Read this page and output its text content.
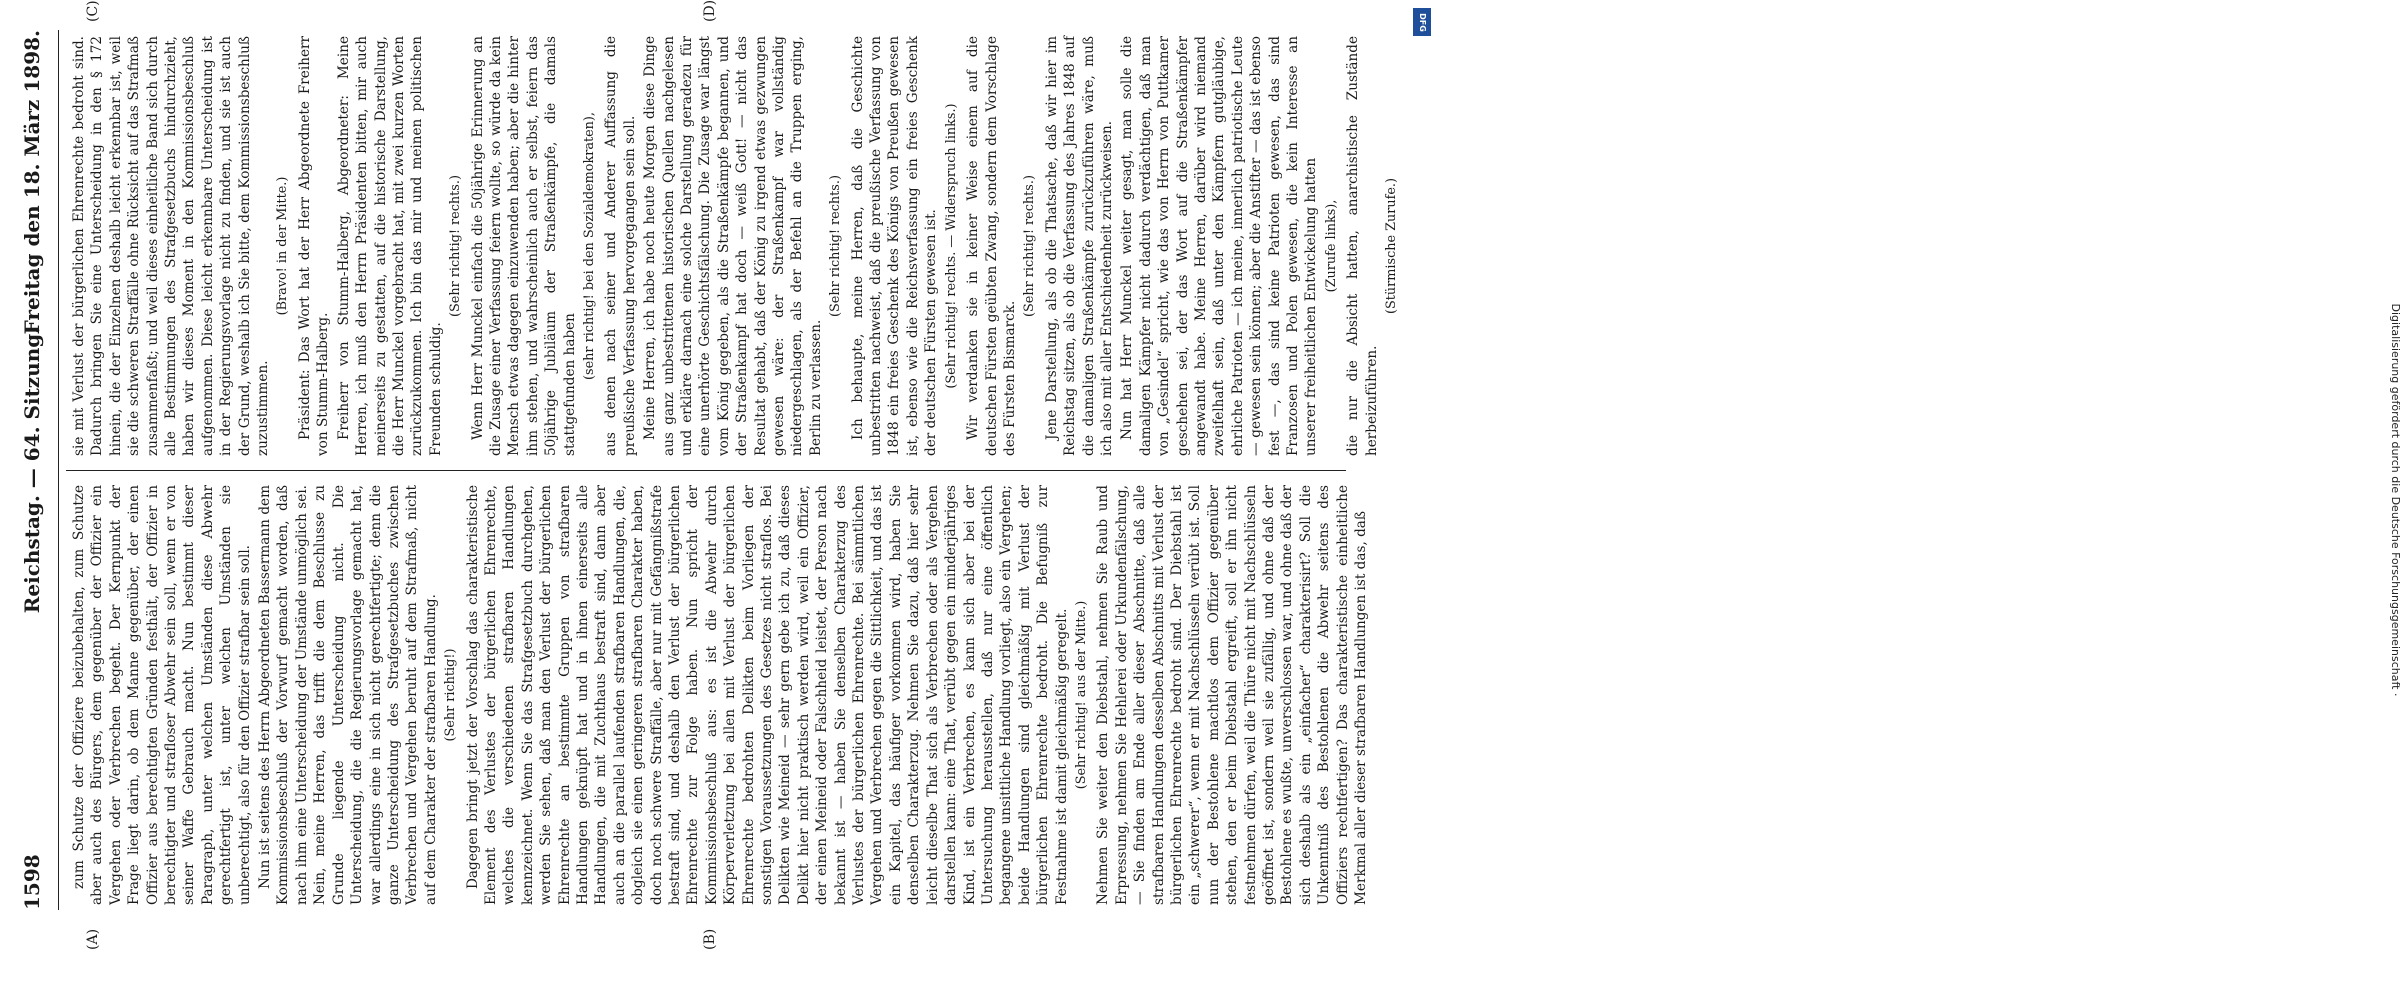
1598
Reichstag. — 64. Sitzung.
Freitag den 18. März 1898.
(A)	(B)
(C)	(D)

zum Schutze der Offiziere beizubehalten, zum Schutze aber auch des Bürgers, dem gegenüber der Offizier ein Vergehen oder Verbrechen begeht. Der Kernpunkt der Frage liegt darin, ob dem Manne gegenüber, der einen Offizier aus berechtigten Gründen festhält, der Offizier in berechtigter und strafloser Abwehr sein soll, wenn er von seiner Waffe Gebrauch macht. Nun bestimmt dieser Paragraph, unter welchen Umständen diese Abwehr gerechtfertigt ist, unter welchen Umständen sie unberechtigt, also für den Offizier strafbar sein soll. Nun ist seitens des Herrn Abgeordneten Bassermann dem Kommissionsbeschluß der Vorwurf gemacht worden, daß nach ihm eine Unterscheidung der Umstände unmöglich sei. Nein, meine Herren, das trifft die dem Beschlusse zu Grunde liegende Unterscheidung nicht. Die Unterscheidung, die die Regierungsvorlage gemacht hat, war allerdings eine in sich nicht gerechtfertigte; denn die ganze Unterscheidung des Strafgesetzbuches zwischen Verbrechen und Vergehen beruht auf dem Strafmaß, nicht auf dem Charakter der strafbaren Handlung. (Sehr richtig!) Dagegen bringt jetzt der Vorschlag das charakteristische Element des Verlustes der bürgerlichen Ehrenrechte, welches die verschiedenen strafbaren Handlungen kennzeichnet. Wenn Sie das Strafgesetzbuch durchgehen, werden Sie sehen, daß man den Verlust der bürgerlichen Ehrenrechte an bestimmte Gruppen von strafbaren Handlungen geknüpft hat und in ihnen einerseits alle Handlungen, die mit Zuchthaus bestraft sind, dann aber auch an die parallel laufenden strafbaren Handlungen, die, obgleich sie einen geringeren strafbaren Charakter haben, doch noch schwere Straffälle, aber nur mit Gefängnißstrafe bestraft sind, und deshalb den Verlust der bürgerlichen Ehrenrechte zur Folge haben. Nun spricht der Kommissionsbeschluß aus: es ist die Abwehr durch Körperverletzung bei allen mit Verlust der bürgerlichen Ehrenrechte bedrohten Delikten beim Vorliegen der sonstigen Voraussetzungen des Gesetzes nicht straflos. Bei Delikten wie Meineid — sehr gern gebe ich zu, daß dieses Delikt hier nicht praktisch werden wird, weil ein Offizier, der einen Meineid oder Falschheid leistet, der Person nach bekannt ist — haben Sie denselben Charakterzug des Verlustes der bürgerlichen Ehrenrechte. Bei sämmtlichen Vergehen und Verbrechen gegen die Sittlichkeit, und das ist ein Kapitel, das häufiger vorkommen wird, haben Sie denselben Charakterzug. Nehmen Sie dazu, daß hier sehr leicht dieselbe That sich als Verbrechen oder als Vergehen darstellen kann: eine That, verübt gegen ein minderjähriges Kind, ist ein Verbrechen, es kann sich aber bei der Untersuchung herausstellen, daß nur eine öffentlich begangene unsittliche Handlung vorliegt, also ein Vergehen; beide Handlungen sind gleichmäßig mit Verlust der bürgerlichen Ehrenrechte bedroht. Die Befugniß zur Festnahme ist damit gleichmäßig geregelt. (Sehr richtig! aus der Mitte.) Nehmen Sie weiter den Diebstahl, nehmen Sie Raub und Erpressung, nehmen Sie Hehlerei oder Urkundenfälschung, — Sie finden am Ende aller dieser Abschnitte, daß alle strafbaren Handlungen desselben Abschnitts mit Verlust der bürgerlichen Ehrenrechte bedroht sind. Der Diebstahl ist ein „schwerer“, wenn er mit Nachschlüsseln verübt ist. Soll nun der Bestohlene machtlos dem Offizier gegenüber stehen, den er beim Diebstahl ergreift, soll er ihn nicht festnehmen dürfen, weil die Thüre nicht mit Nachschlüsseln geöffnet ist, sondern weil sie zufällig, und ohne daß der Bestohlene es wußte, unverschlossen war, und ohne daß der sich deshalb als ein „einfacher“ charakterisirt? Soll die Unkenntniß des Bestohlenen die Abwehr seitens des Offiziers rechtfertigen? Das charakteristische einheitliche Merkmal aller dieser strafbaren Handlungen ist das, daß

sie mit Verlust der bürgerlichen Ehrenrechte bedroht sind. Dadurch bringen Sie eine Unterscheidung in den § 172 hinein, die der Einzelnen deshalb leicht erkennbar ist, weil sie die schweren Straffälle ohne Rücksicht auf das Strafmaß zusammenfaßt; und weil dieses einheitliche Band sich durch alle Bestimmungen des Strafgesetzbuchs hindurchzieht, haben wir dieses Moment in den Kommissionsbeschluß aufgenommen. Diese leicht erkennbare Unterscheidung ist in der Regierungsvorlage nicht zu finden, und sie ist auch der Grund, weshalb ich Sie bitte, dem Kommissionsbeschluß zuzustimmen.

(Bravo! in der Mitte.) Präsident: Das Wort hat der Herr Abgeordnete Freiherr von Stumm-Halberg. Freiherr von Stumm-Halberg, Abgeordneter: Meine Herren, ich muß den Herrn Präsidenten bitten, mir auch meinerseits zu gestatten, auf die historische Darstellung, die Herr Munckel vorgebracht hat, mit zwei kurzen Worten zurückzukommen. Ich bin das mir und meinen politischen Freunden schuldig.

(Sehr richtig! rechts.) Wenn Herr Munckel einfach die 50jährige Erinnerung an die Zusage einer Verfassung feiern wollte, so würde da kein Mensch etwas dagegen einzuwenden haben; aber die hinter ihm stehen, und wahrscheinlich auch er selbst, feiern das 50jährige Jubiläum der Straßenkämpfe, die damals stattgefunden haben

(sehr richtig! bei den Sozialdemokraten), aus denen nach seiner und Anderer Auffassung die preußische Verfassung hervorgegangen sein soll. Meine Herren, ich habe noch heute Morgen diese Dinge aus ganz unbestrittenen historischen Quellen nachgelesen und erkläre darnach eine solche Darstellung geradezu für eine unerhörte Geschichtsfälschung. Die Zusage war längst vom König gegeben, als die Straßenkämpfe begannen, und der Straßenkampf hat doch — weiß Gott! — nicht das Resultat gehabt, daß der König zu irgend etwas gezwungen gewesen wäre: der Straßenkampf war vollständig niedergeschlagen, als der Befehl an die Truppen erging, Berlin zu verlassen.

(Sehr richtig! rechts.) Ich behaupte, meine Herren, daß die Geschichte unbestritten nachweist, daß die preußische Verfassung von 1848 ein freies Geschenk des Königs von Preußen gewesen ist, ebenso wie die Reichsverfassung ein freies Geschenk der deutschen Fürsten gewesen ist. (Sehr richtig! rechts. — Widerspruch links.) Wir verdanken sie in keiner Weise einem auf die deutschen Fürsten geübten Zwang, sondern dem Vorschlage des Fürsten Bismarck.

(Sehr richtig! rechts.) Jene Darstellung, als ob die Thatsache, daß wir hier im Reichstag sitzen, als ob die Verfassung des Jahres 1848 auf die damaligen Straßenkämpfe zurückzuführen wäre, muß ich also mit aller Entschiedenheit zurückweisen. Nun hat Herr Munckel weiter gesagt, man solle die damaligen Kämpfer nicht dadurch verdächtigen, daß man von „Gesindel“ spricht, wie das von Herrn von Puttkamer geschehen sei, der das Wort auf die Straßenkämpfer angewandt habe. Meine Herren, darüber wird niemand zweifelhaft sein, daß unter den Kämpfern gutgläubige, ehrliche Patrioten — ich meine, innerlich patriotische Leute — gewesen sein können; aber die Anstifter — das ist ebenso fest —, das sind keine Patrioten gewesen, das sind Franzosen und Polen gewesen, die kein Interesse an unserer freiheitlichen Entwickelung hatten (Zurufe links), die nur die Absicht hatten, anarchistische Zustände herbeizuführen.

(Stürmische Zurufe.)

Digitalisierung gefördert durch die Deutsche Forschungsgemeinschaft ·
DFG
